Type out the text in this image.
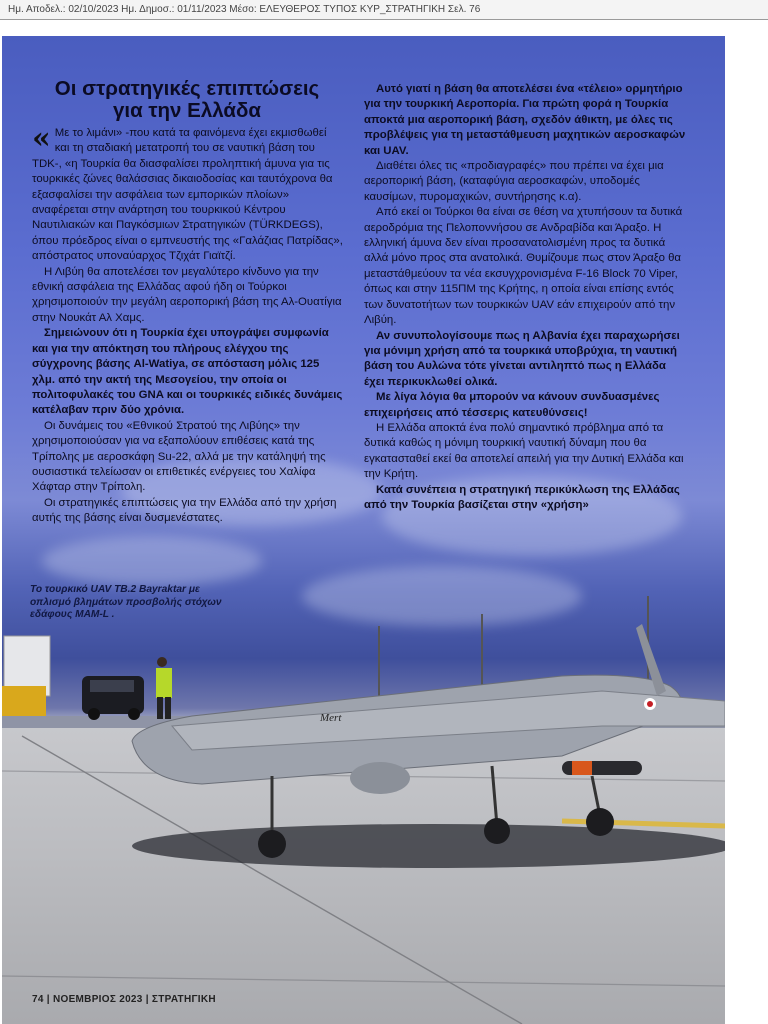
Ημ. Αποδελ.: 02/10/2023 Ημ. Δημοσ.: 01/11/2023 Μέσο: ΕΛΕΥΘΕΡΟΣ ΤΥΠΟΣ ΚΥΡ_ΣΤΡΑΤΗΓΙΚΗ Σελ. 76
Mert
Οι στρατηγικές επιπτώσεις
για την Ελλάδα
« Με το λιμάνι» -που κατά τα φαινόμενα έχει εκμισθωθεί και τη σταδιακή μετατροπή του σε ναυτική βάση του TDK-, «η Τουρκία θα διασφαλίσει προληπτική άμυνα για τις τουρκικές ζώνες θαλάσσιας δικαιοδοσίας και ταυτόχρονα θα εξασφαλίσει την ασφάλεια των εμπορικών πλοίων» αναφέρεται στην ανάρτηση του τουρκικού Κέντρου Ναυτιλιακών και Παγκόσμιων Στρατηγικών (TÜRKDEGS), όπου πρόεδρος είναι ο εμπνευστής της «Γαλάζιας Πατρίδας», απόστρατος υποναύαρχος Τζιχάτ Γιαϊτζί.

Η Λιβύη θα αποτελέσει τον μεγαλύτερο κίνδυνο για την εθνική ασφάλεια της Ελλάδας αφού ήδη οι Τούρκοι χρησιμοποιούν την μεγάλη αεροπορική βάση της Αλ-Ουατίγια στην Νουκάτ Αλ Χαμς.

Σημειώνουν ότι η Τουρκία έχει υπογράψει συμφωνία και για την απόκτηση του πλήρους ελέγχου της σύγχρονης βάσης Al-Watiya, σε απόσταση μόλις 125 χλμ. από την ακτή της Μεσογείου, την οποία οι πολιτοφυλακές του GNA και οι τουρκικές ειδικές δυνάμεις κατέλαβαν πριν δύο χρόνια.

Οι δυνάμεις του «Εθνικού Στρατού της Λιβύης» την χρησιμοποιούσαν για να εξαπολύουν επιθέσεις κατά της Τρίπολης με αεροσκάφη Su-22, αλλά με την κατάληψή της ουσιαστικά τελείωσαν οι επιθετικές ενέργειες του Χαλίφα Χάφταρ στην Τρίπολη.

Οι στρατηγικές επιπτώσεις για την Ελλάδα από την χρήση αυτής της βάσης είναι δυσμενέστατες.

Αυτό γιατί η βάση θα αποτελέσει ένα «τέλειο» ορμητήριο για την τουρκική Αεροπορία. Για πρώτη φορά η Τουρκία αποκτά μια αεροπορική βάση, σχεδόν άθικτη, με όλες τις προβλέψεις για τη μεταστάθμευση μαχητικών αεροσκαφών και UAV.

Διαθέτει όλες τις «προδιαγραφές» που πρέπει να έχει μια αεροπορική βάση, (καταφύγια αεροσκαφών, υποδομές καυσίμων, πυρομαχικών, συντήρησης κ.α).

Από εκεί οι Τούρκοι θα είναι σε θέση να χτυπήσουν τα δυτικά αεροδρόμια της Πελοποννήσου σε Ανδραβίδα και Άραξο. Η ελληνική άμυνα δεν είναι προσανατολισμένη προς τα δυτικά αλλά μόνο προς στα ανατολικά. Θυμίζουμε πως στον Άραξο θα μεταστάθμεύουν τα νέα εκσυγχρονισμένα F-16 Block 70 Viper, όπως και στην 115ΠΜ της Κρήτης, η οποία είναι επίσης εντός των δυνατοτήτων των τουρκικών UAV εάν επιχειρούν από την Λιβύη.

Αν συνυπολογίσουμε πως η Αλβανία έχει παραχωρήσει για μόνιμη χρήση από τα τουρκικά υποβρύχια, τη ναυτική βάση του Αυλώνα τότε γίνεται αντιληπτό πως η Ελλάδα έχει περικυκλωθεί ολικά.

Με λίγα λόγια θα μπορούν να κάνουν συνδυασμένες επιχειρήσεις από τέσσερις κατευθύνσεις!

Η Ελλάδα αποκτά ένα πολύ σημαντικό πρόβλημα από τα δυτικά καθώς η μόνιμη τουρκική ναυτική δύναμη που θα εγκατασταθεί εκεί θα αποτελεί απειλή για την Δυτική Ελλάδα και την Κρήτη.

Κατά συνέπεια η στρατηγική περικύκλωση της Ελλάδας από την Τουρκία βασίζεται στην «χρήση»

Το τουρκικό UAV TB.2 Bayraktar με οπλισμό βλημάτων προσβολής στόχων εδάφους MAM-L .
74 | ΝΟΕΜΒΡΙΟΣ 2023 | ΣΤΡΑΤΗΓΙΚΗ
